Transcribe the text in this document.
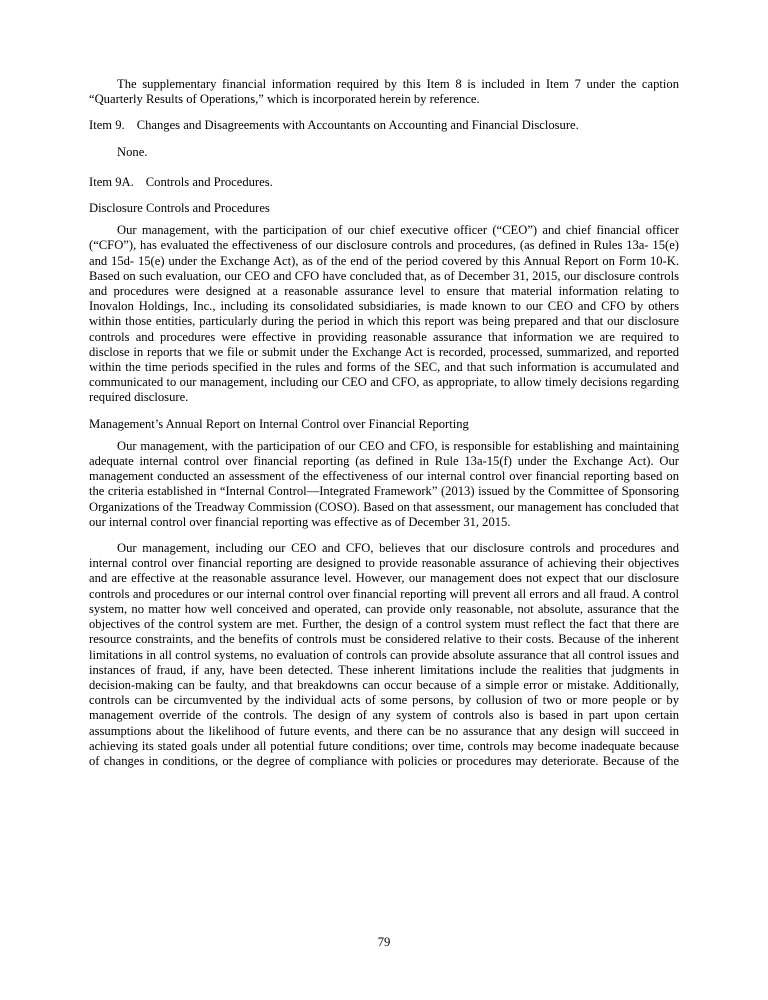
The supplementary financial information required by this Item 8 is included in Item 7 under the caption “Quarterly Results of Operations,” which is incorporated herein by reference.

Item 9. Changes and Disagreements with Accountants on Accounting and Financial Disclosure.

None.

Item 9A. Controls and Procedures.
Disclosure Controls and Procedures

Our management, with the participation of our chief executive officer (“CEO”) and chief financial officer (“CFO”), has evaluated the effectiveness of our disclosure controls and procedures, (as defined in Rules 13a- 15(e) and 15d- 15(e) under the Exchange Act), as of the end of the period covered by this Annual Report on Form 10-K. Based on such evaluation, our CEO and CFO have concluded that, as of December 31, 2015, our disclosure controls and procedures were designed at a reasonable assurance level to ensure that material information relating to Inovalon Holdings, Inc., including its consolidated subsidiaries, is made known to our CEO and CFO by others within those entities, particularly during the period in which this report was being prepared and that our disclosure controls and procedures were effective in providing reasonable assurance that information we are required to disclose in reports that we file or submit under the Exchange Act is recorded, processed, summarized, and reported within the time periods specified in the rules and forms of the SEC, and that such information is accumulated and communicated to our management, including our CEO and CFO, as appropriate, to allow timely decisions regarding required disclosure.

Management’s Annual Report on Internal Control over Financial Reporting

Our management, with the participation of our CEO and CFO, is responsible for establishing and maintaining adequate internal control over financial reporting (as defined in Rule 13a-15(f) under the Exchange Act). Our management conducted an assessment of the effectiveness of our internal control over financial reporting based on the criteria established in “Internal Control—Integrated Framework” (2013) issued by the Committee of Sponsoring Organizations of the Treadway Commission (COSO). Based on that assessment, our management has concluded that our internal control over financial reporting was effective as of December 31, 2015.

Our management, including our CEO and CFO, believes that our disclosure controls and procedures and internal control over financial reporting are designed to provide reasonable assurance of achieving their objectives and are effective at the reasonable assurance level. However, our management does not expect that our disclosure controls and procedures or our internal control over financial reporting will prevent all errors and all fraud. A control system, no matter how well conceived and operated, can provide only reasonable, not absolute, assurance that the objectives of the control system are met. Further, the design of a control system must reflect the fact that there are resource constraints, and the benefits of controls must be considered relative to their costs. Because of the inherent limitations in all control systems, no evaluation of controls can provide absolute assurance that all control issues and instances of fraud, if any, have been detected. These inherent limitations include the realities that judgments in decision-making can be faulty, and that breakdowns can occur because of a simple error or mistake. Additionally, controls can be circumvented by the individual acts of some persons, by collusion of two or more people or by management override of the controls. The design of any system of controls also is based in part upon certain assumptions about the likelihood of future events, and there can be no assurance that any design will succeed in achieving its stated goals under all potential future conditions; over time, controls may become inadequate because of changes in conditions, or the degree of compliance with policies or procedures may deteriorate. Because of the

79
